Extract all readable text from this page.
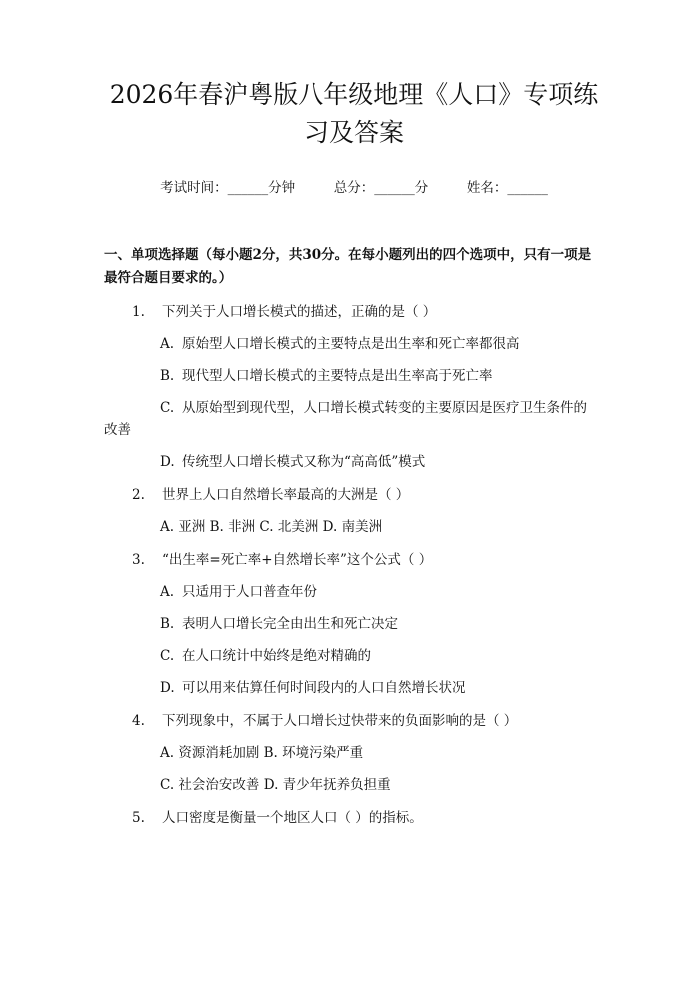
2026年春沪粤版八年级地理《人口》专项练习及答案
考试时间：______分钟	总分：______分	姓名：______
一、单项选择题（每小题2分，共30分。在每小题列出的四个选项中，只有一项是最符合题目要求的。）
1. 下列关于人口增长模式的描述，正确的是（ ）
A. 原始型人口增长模式的主要特点是出生率和死亡率都很高
B. 现代型人口增长模式的主要特点是出生率高于死亡率
C. 从原始型到现代型，人口增长模式转变的主要原因是医疗卫生条件的
改善
D. 传统型人口增长模式又称为“高高低”模式
2. 世界上人口自然增长率最高的大洲是（ ）
A. 亚洲 B. 非洲 C. 北美洲 D. 南美洲
3. “出生率=死亡率+自然增长率”这个公式（ ）
A. 只适用于人口普查年份
B. 表明人口增长完全由出生和死亡决定
C. 在人口统计中始终是绝对精确的
D. 可以用来估算任何时间段内的人口自然增长状况
4. 下列现象中，不属于人口增长过快带来的负面影响的是（ ）
A. 资源消耗加剧 B. 环境污染严重
C. 社会治安改善 D. 青少年抚养负担重
5. 人口密度是衡量一个地区人口（ ）的指标。
